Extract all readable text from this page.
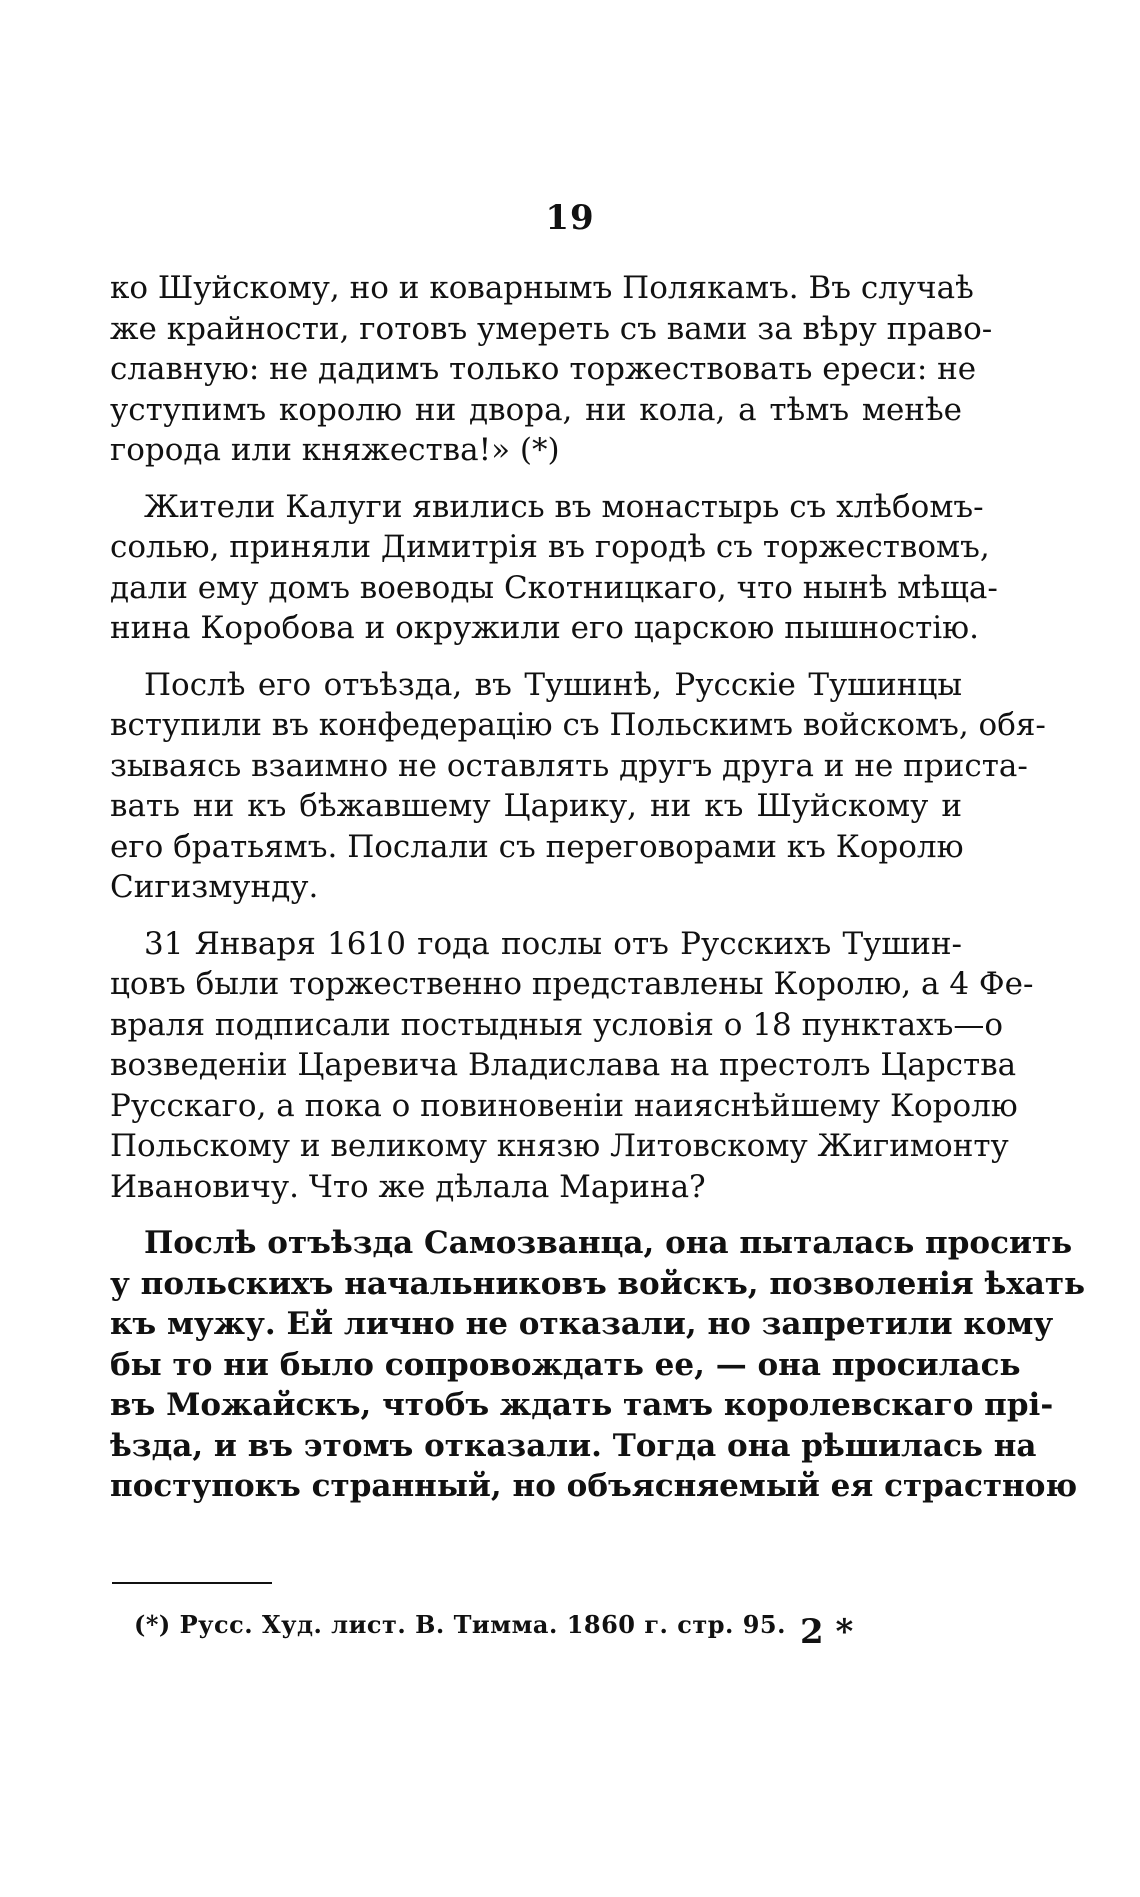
19
ко Шуйскому, но и коварнымъ Полякамъ. Въ случаѣ
же крайности, готовъ умереть съ вами за вѣру право-
славную: не дадимъ только торжествовать ереси: не
уступимъ королю ни двора, ни кола, а тѣмъ менѣе
города или княжества!» (*)
Жители Калуги явились въ монастырь съ хлѣбомъ-
солью, приняли Димитрія въ городѣ съ торжествомъ,
дали ему домъ воеводы Скотницкаго, что нынѣ мѣща-
нина Коробова и окружили его царскою пышностію.
Послѣ его отъѣзда, въ Тушинѣ, Русскіе Тушинцы
вступили въ конфедерацію съ Польскимъ войскомъ, обя-
зываясь взаимно не оставлять другъ друга и не приста-
вать ни къ бѣжавшему Царику, ни къ Шуйскому и
его братьямъ. Послали съ переговорами къ Королю
Сигизмунду.
31 Января 1610 года послы отъ Русскихъ Тушин-
цовъ были торжественно представлены Королю, а 4 Фе-
враля подписали постыдныя условія о 18 пунктахъ—о
возведеніи Царевича Владислава на престолъ Царства
Русскаго, а пока о повиновеніи наияснѣйшему Королю
Польскому и великому князю Литовскому Жигимонту
Ивановичу. Что же дѣлала Марина?
Послѣ отъѣзда Самозванца, она пыталась просить
у польскихъ начальниковъ войскъ, позволенія ѣхать
къ мужу. Ей лично не отказали, но запретили кому
бы то ни было сопровождать ее, — она просилась
въ Можайскъ, чтобъ ждать тамъ королевскаго прі-
ѣзда, и въ этомъ отказали. Тогда она рѣшилась на
поступокъ странный, но объясняемый ея страстною
(*) Русс. Худ. лист. В. Тимма. 1860 г. стр. 95. 2 *
